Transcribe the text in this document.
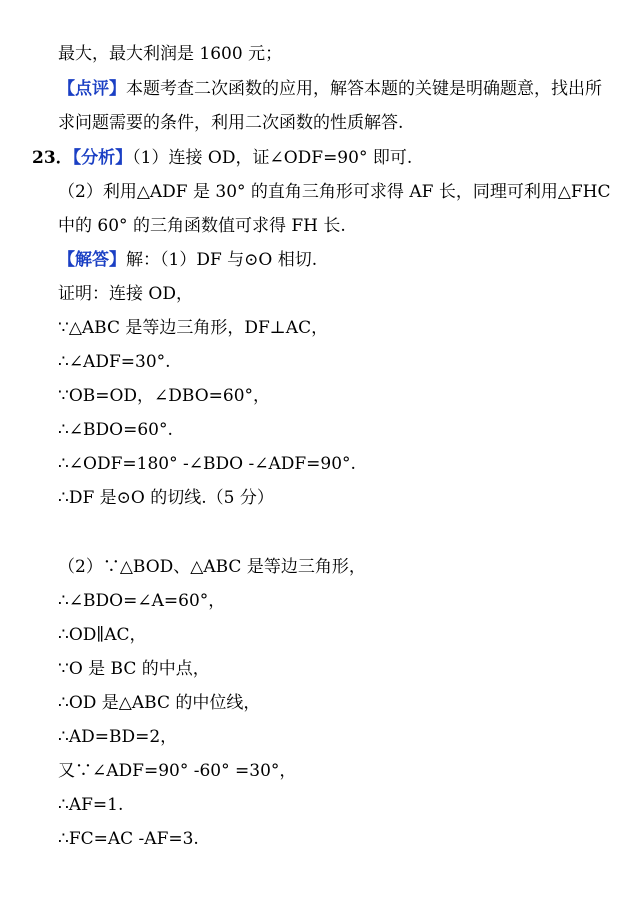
最大，最大利润是 1600 元；
【点评】本题考查二次函数的应用，解答本题的关键是明确题意，找出所
求问题需要的条件，利用二次函数的性质解答.
23．【分析】（1）连接 OD，证∠ODF=90° 即可.
（2）利用△ADF 是 30° 的直角三角形可求得 AF 长，同理可利用△FHC
中的 60° 的三角函数值可求得 FH 长.
【解答】解：（1）DF 与⊙O 相切.
证明：连接 OD，
∵△ABC 是等边三角形，DF⊥AC，
∴∠ADF=30°.
∵OB=OD，∠DBO=60°，
∴∠BDO=60°.
∴∠ODF=180° -∠BDO -∠ADF=90°.
∴DF 是⊙O 的切线.（5 分）
（2）∵△BOD、△ABC 是等边三角形，
∴∠BDO=∠A=60°，
∴OD∥AC，
∵O 是 BC 的中点，
∴OD 是△ABC 的中位线，
∴AD=BD=2，
又∵∠ADF=90° -60° =30°，
∴AF=1.
∴FC=AC -AF=3.
